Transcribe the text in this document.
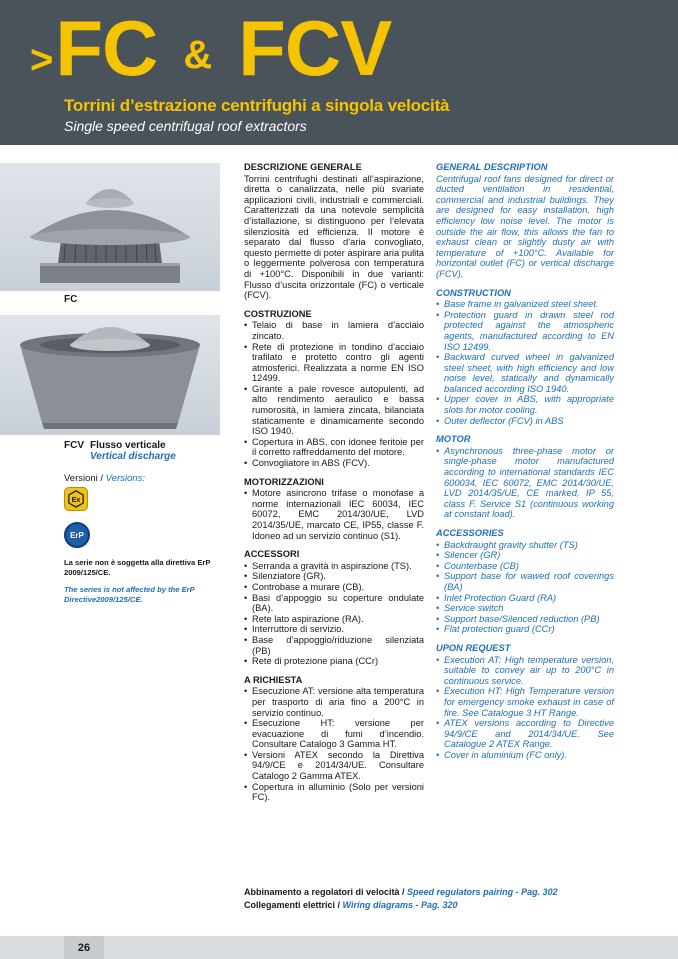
> FC & FCV
Torrini d’estrazione centrifughi a singola velocità
Single speed centrifugal roof extractors
FC
FCV Flusso verticale
Vertical discharge
Versioni / Versions:
Ex
ErP
La serie non è soggetta alla direttiva ErP 2009/125/CE.
The series is not affected by the ErP Directive2009/125/CE.
DESCRIZIONE GENERALE
Torrini centrifughi destinati all’aspirazione, diretta o canalizzata, nelle più svariate applicazioni civili, industriali e commerciali. Caratterizzati da una notevole semplicità d’istallazione, si distinguono per l’elevata silenziosità ed efficienza. Il motore è separato dal flusso d’aria convogliato, questo permette di poter aspirare aria pulita o leggermente polverosa con temperatura di +100°C. Disponibili in due varianti: Flusso d’uscita orizzontale (FC) o verticale (FCV).
COSTRUZIONE
• Telaio di base in lamiera d’acciaio zincato.
• Rete di protezione in tondino d’acciaio trafilato e protetto contro gli agenti atmosferici. Realizzata a norme EN ISO 12499.
• Girante a pale rovesce autopulenti, ad alto rendimento aeraulico e bassa rumorosità, in lamiera zincata, bilanciata staticamente e dinamicamente secondo ISO 1940.
• Copertura in ABS, con idonee feritoie per il corretto raffreddamento del motore.
• Convogliatore in ABS (FCV).
MOTORIZZAZIONI
• Motore asincrono trifase o monofase a norme internazionali IEC 60034, IEC 60072, EMC 2014/30/UE, LVD 2014/35/UE, marcato CE, IP55, classe F. Idoneo ad un servizio continuo (S1).
ACCESSORI
• Serranda a gravità in aspirazione (TS).
• Silenziatore (GR).
• Controbase a murare (CB).
• Basi d’appoggio su coperture ondulate (BA).
• Rete lato aspirazione (RA).
• Interruttore di servizio.
• Base d’appoggio/riduzione silenziata (PB)
• Rete di protezione piana (CCr)
A RICHIESTA
• Esecuzione AT: versione alta temperatura per trasporto di aria fino a 200°C in servizio continuo.
• Esecuzione HT: versione per evacuazione di fumi d’incendio. Consultare Catalogo 3 Gamma HT.
• Versioni ATEX secondo la Direttiva 94/9/CE e 2014/34/UE. Consultare Catalogo 2 Gamma ATEX.
• Copertura in alluminio (Solo per versioni FC).
GENERAL DESCRIPTION
Centrifugal roof fans designed for direct or ducted ventilation in residential, commercial and industrial buildings. They are designed for easy installation, high efficiency low noise level. The motor is outside the air flow, this allows the fan to exhaust clean or slightly dusty air with temperature of +100°C. Available for horizontal outlet (FC) or vertical discharge (FCV).
CONSTRUCTION
• Base frame in galvanized steel sheet.
• Protection guard in drawn steel rod protected against the atmospheric agents, manufactured according to EN ISO 12499.
• Backward curved wheel in galvanized steel sheet, with high efficiency and low noise level, statically and dynamically balanced according ISO 1940.
• Upper cover in ABS, with appropriate slots for motor cooling.
• Outer deflector (FCV) in ABS
MOTOR
• Asynchronous three-phase motor or single-phase motor manufactured according to international standards IEC 600034, IEC 60072, EMC 2014/30/UE, LVD 2014/35/UE, CE marked, IP 55, class F. Service S1 (continuous working at constant load).
ACCESSORIES
• Backdraught gravity shutter (TS)
• Silencer (GR)
• Counterbase (CB)
• Support base for wawed roof coverings (BA)
• Inlet Protection Guard (RA)
• Service switch
• Support base/Silenced reduction (PB)
• Flat protection guard (CCr)
UPON REQUEST
• Execution AT: High temperature version, suitable to convey air up to 200°C in continuous service.
• Execution HT: High Temperature version for emergency smoke exhaust in case of fire. See Catalogue 3 HT Range.
• ATEX versions according to Directive 94/9/CE and 2014/34/UE. See Catalogue 2 ATEX Range.
• Cover in aluminium (FC only).
Abbinamento a regolatori di velocità / Speed regulators pairing - Pag. 302
Collegamenti elettrici / Wiring diagrams - Pag. 320
26
